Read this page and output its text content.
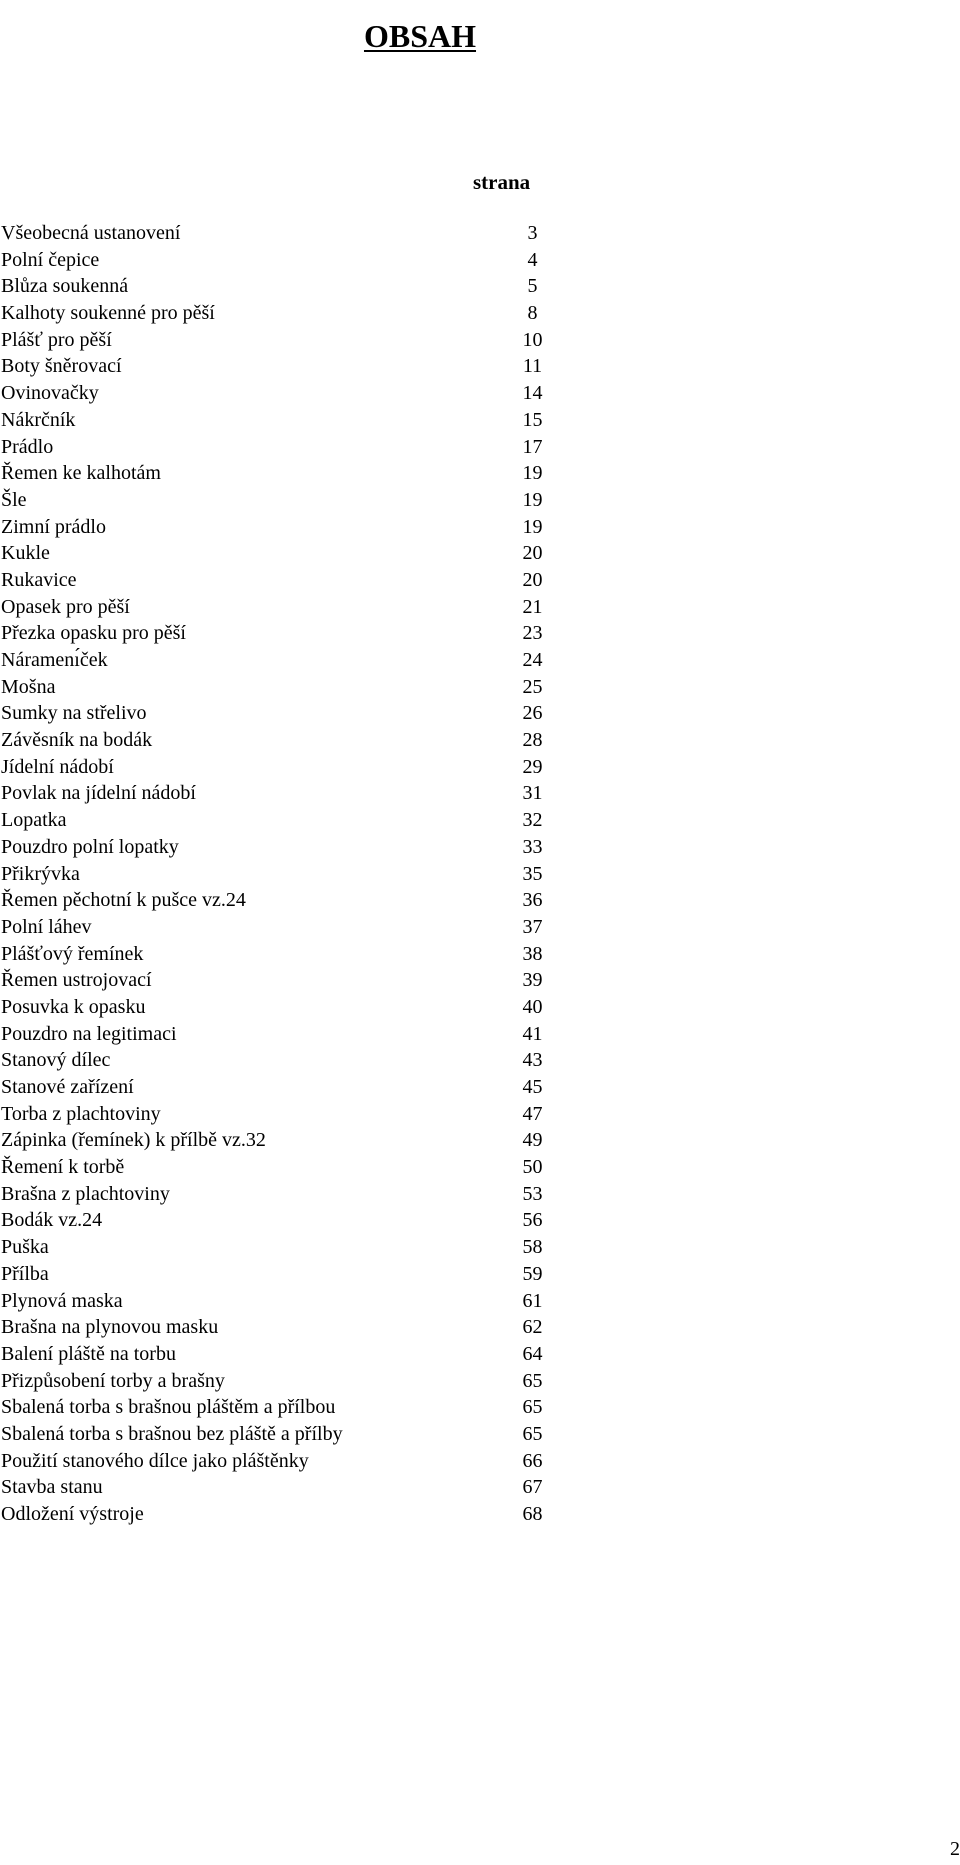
OBSAH
strana
Všeobecná ustanovení	3
Polní čepice	4
Blůza soukenná	5
Kalhoty soukenné pro pěší	8
Plášť pro pěší	10
Boty šněrovací	11
Ovinovačky	14
Nákrčník	15
Prádlo	17
Řemen ke kalhotám	19
Šle	19
Zimní prádlo	19
Kukle	20
Rukavice	20
Opasek pro pěší	21
Přezka opasku pro pěší	23
Náramenı́ček	24
Mošna	25
Sumky na střelivo	26
Závěsník na bodák	28
Jídelní nádobí	29
Povlak na jídelní nádobí	31
Lopatka	32
Pouzdro polní lopatky	33
Přikrývka	35
Řemen pěchotní k pušce vz.24	36
Polní láhev	37
Plášťový řemínek	38
Řemen ustrojovací	39
Posuvka k opasku	40
Pouzdro na legitimaci	41
Stanový dílec	43
Stanové zařízení	45
Torba z plachtoviny	47
Zápinka (řemínek) k přílbě vz.32	49
Řemení k torbě	50
Brašna z plachtoviny	53
Bodák vz.24	56
Puška	58
Přílba	59
Plynová maska	61
Brašna na plynovou masku	62
Balení pláště na torbu	64
Přizpůsobení torby a brašny	65
Sbalená torba s brašnou pláštěm a přílbou	65
Sbalená torba s brašnou bez pláště a přílby	65
Použití stanového dílce jako pláštěnky	66
Stavba stanu	67
Odložení výstroje	68
2
